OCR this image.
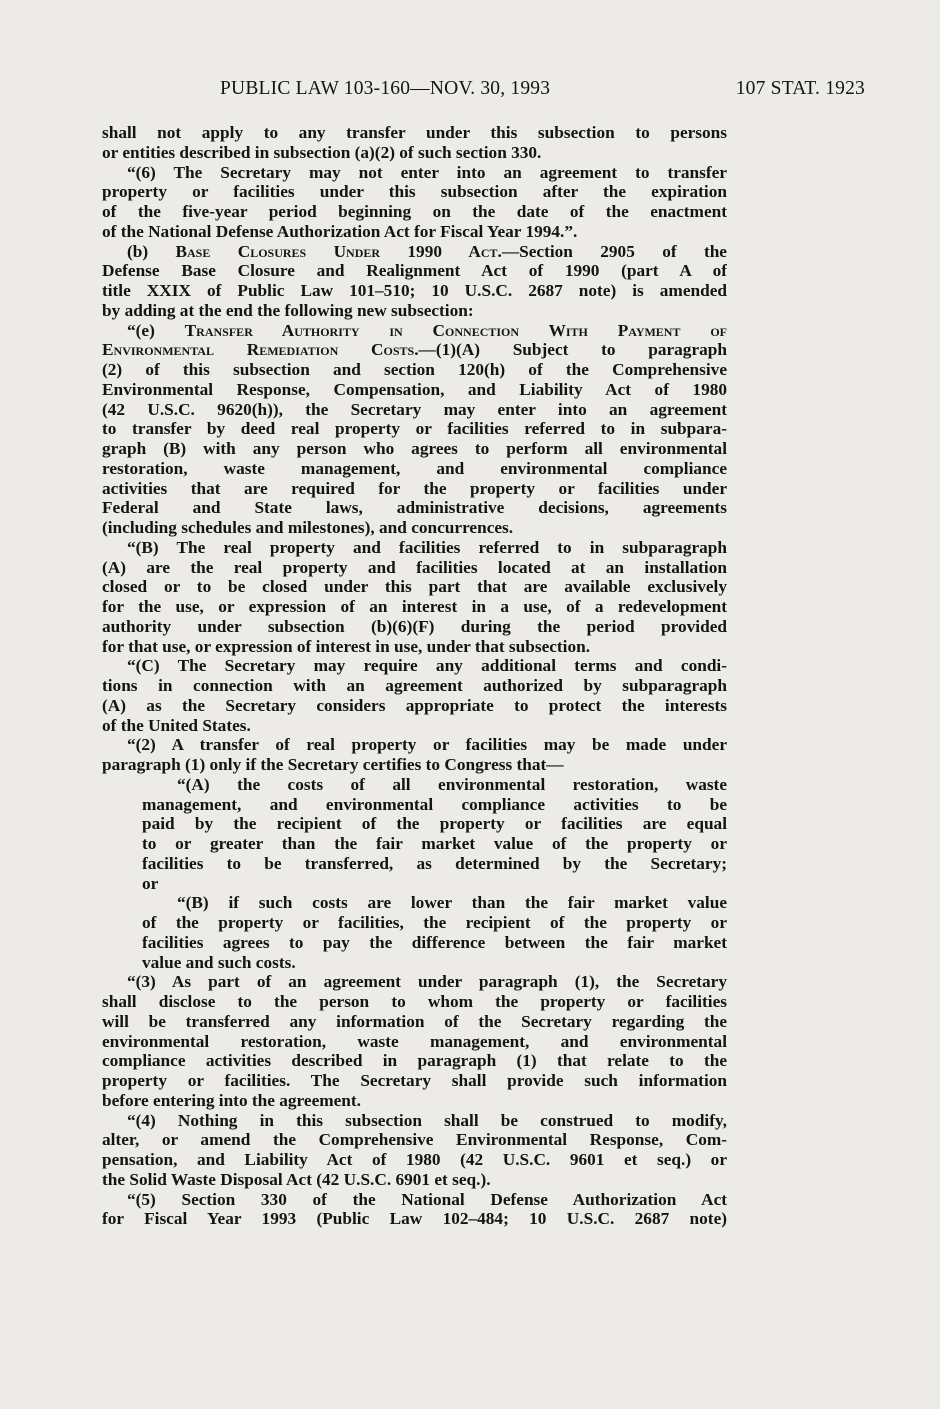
PUBLIC LAW 103-160—NOV. 30, 1993	107 STAT. 1923

shall not apply to any transfer under this subsection to persons

or entities described in subsection (a)(2) of such section 330.

“(6) The Secretary may not enter into an agreement to transfer

property or facilities under this subsection after the expiration

of the five-year period beginning on the date of the enactment

of the National Defense Authorization Act for Fiscal Year 1994.”.

(b) Base Closures Under 1990 Act.—Section 2905 of the

Defense Base Closure and Realignment Act of 1990 (part A of

title XXIX of Public Law 101–510; 10 U.S.C. 2687 note) is amended

by adding at the end the following new subsection:

“(e) Transfer Authority in Connection With Payment of

Environmental Remediation Costs.—(1)(A) Subject to paragraph

(2) of this subsection and section 120(h) of the Comprehensive

Environmental Response, Compensation, and Liability Act of 1980

(42 U.S.C. 9620(h)), the Secretary may enter into an agreement

to transfer by deed real property or facilities referred to in subpara-

graph (B) with any person who agrees to perform all environmental

restoration, waste management, and environmental compliance

activities that are required for the property or facilities under

Federal and State laws, administrative decisions, agreements

(including schedules and milestones), and concurrences.

“(B) The real property and facilities referred to in subparagraph

(A) are the real property and facilities located at an installation

closed or to be closed under this part that are available exclusively

for the use, or expression of an interest in a use, of a redevelopment

authority under subsection (b)(6)(F) during the period provided

for that use, or expression of interest in use, under that subsection.

“(C) The Secretary may require any additional terms and condi-

tions in connection with an agreement authorized by subparagraph

(A) as the Secretary considers appropriate to protect the interests

of the United States.

“(2) A transfer of real property or facilities may be made under

paragraph (1) only if the Secretary certifies to Congress that—

“(A) the costs of all environmental restoration, waste

management, and environmental compliance activities to be

paid by the recipient of the property or facilities are equal

to or greater than the fair market value of the property or

facilities to be transferred, as determined by the Secretary;

or

“(B) if such costs are lower than the fair market value

of the property or facilities, the recipient of the property or

facilities agrees to pay the difference between the fair market

value and such costs.

“(3) As part of an agreement under paragraph (1), the Secretary

shall disclose to the person to whom the property or facilities

will be transferred any information of the Secretary regarding the

environmental restoration, waste management, and environmental

compliance activities described in paragraph (1) that relate to the

property or facilities. The Secretary shall provide such information

before entering into the agreement.

“(4) Nothing in this subsection shall be construed to modify,

alter, or amend the Comprehensive Environmental Response, Com-

pensation, and Liability Act of 1980 (42 U.S.C. 9601 et seq.) or

the Solid Waste Disposal Act (42 U.S.C. 6901 et seq.).

“(5) Section 330 of the National Defense Authorization Act

for Fiscal Year 1993 (Public Law 102–484; 10 U.S.C. 2687 note)
